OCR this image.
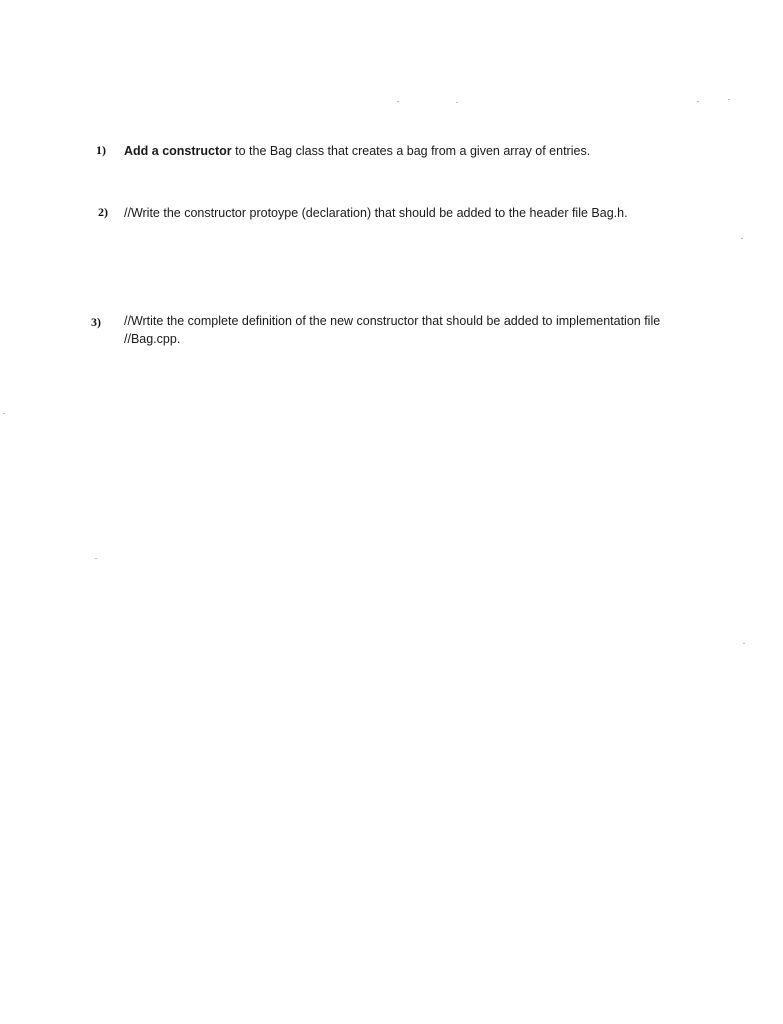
1) Add a constructor to the Bag class that creates a bag from a given array of entries.
2) //Write the constructor protoype (declaration) that should be added to the header file Bag.h.
3) //Wrtite the complete definition of the new constructor that should be added to implementation file
//Bag.cpp.
